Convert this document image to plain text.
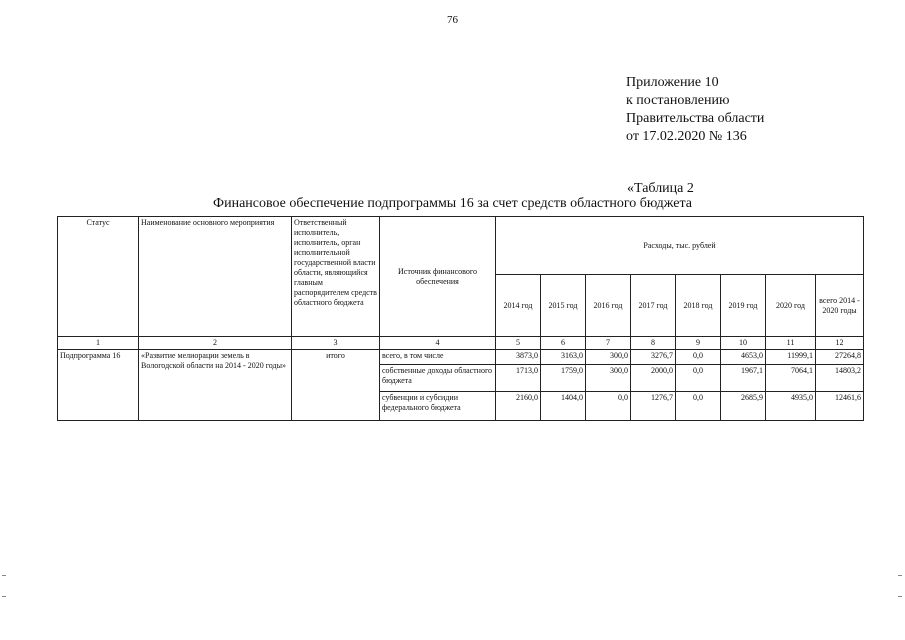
76
Приложение 10
к постановлению
Правительства области
от 17.02.2020 № 136
«Таблица 2
Финансовое обеспечение подпрограммы 16 за счет средств областного бюджета
Статус	Наименование основного мероприятия	Ответственный исполнитель, исполнитель, орган исполнительной государственной власти области, являющийся главным распорядителем средств областного бюджета	Источник финансового обеспечения	Расходы, тыс. рублей							
				2014 год	2015 год	2016 год	2017 год	2018 год	2019 год	2020 год	всего 2014 - 2020 годы
1	2	3	4	5	6	7	8	9	10	11	12
Подпрограмма 16	«Развитие мелиорации земель в Вологодской области на 2014 - 2020 годы»	итого	всего, в том числе	3873,0	3163,0	300,0	3276,7	0,0	4653,0	11999,1	27264,8
			собственные доходы областного бюджета	1713,0	1759,0	300,0	2000,0	0,0	1967,1	7064,1	14803,2
			субвенции и субсидии федерального бюджета	2160,0	1404,0	0,0	1276,7	0,0	2685,9	4935,0	12461,6
